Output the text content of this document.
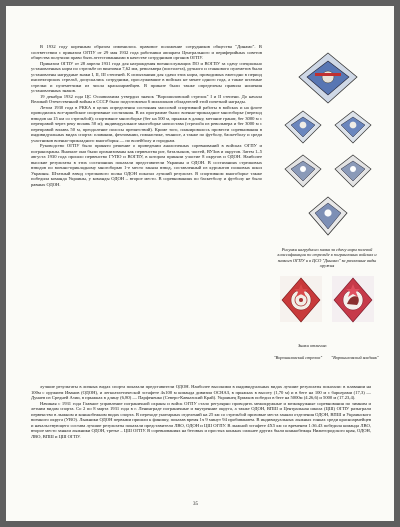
В 1932 году коренным образом изменилось правовое положение сотрудников общества "Динамо". В соответствии с приказом ОГПУ от 29 мая 1932 года работники аппарата Центрального и периферийных советов общества получили право быть аттестованными в качестве сотрудников органов ОГПУ.

Приказом ОГПУ от 28 апреля 1931 года для награждения военнослужащих ПО и ВОГПУ за сдачу специально установленных норм по стрельбе из винтовки 7,62 мм, револьвера (пистолета), ручного и станкового пулеметов были установлены нагрудные знаки I, II, III степеней. К испытаниям для сдачи этих норм, проводимых ежегодно в период инспекторских стрельб, допускались сотрудники, прослужившие в войсках не менее одного года, а также штатные стрелки и пулеметчики из числа красноармейцев. В приказе были также определены правила ношения установленных знаков.

19 декабря 1932 года ЦС Осоавиахима утвердил значок "Ворошиловский стрелок" I и II степени. До начала Великой Отечественной войны в СССР было подготовлено 6 миллионов обладателей этой почетной награды.

Летом 1930 года в РККА в целях определения состояния массовой спортивной работы в войсках и на флоте проводились все-армейские спортивные состязания. В их программе были: военно-прикладное многоборье (переход взводов на 15 км со стрельбой); спортивное многоборье (бег на 500 м, прыжки в длину, метание гранат, бег 3000 м с переправой через реку вплавь 50 м); индивидуальное многоборье начсостава (стрельба из револьвера и бег 3000 м с переправой вплавь 50 м, преодоление полосы препятствий). Кроме того, планировалось провести соревнования в индивидуальных видах спорта: плавании, фехтовании, гимнастике, теннисе, а также по футболу, баскетболу и среди участников военно-прикладного многоборья — по волейболу и городкам.

Руководство ОГПУ было принято решение о проведении аналогичных соревнований в войсках ОГПУ и погранохраны. Вначале они были организованы как первенства рот, батальонов, частей, ВУЗов и округов. Затем 1–5 августа 1930 года прошло первенство ГУПО и ВОГПУ, в котором приняли участие 8 округов и ОДОН. Наиболее высокие результаты в этих состязаниях показали представители Украины и ОДОН. В состязаниях стрелковых взводов по военно-прикладному многоборью 1-е место заняла взвод, составленный из курсантов полковых школ Украины. Штатный взвод стрелкового полка ОДОН показал лучший результат. В спортивном многоборье также победила команда Украины, у команды ОДОН – второе место. В соревнованиях по баскетболу и футболу не было равных ОДОН.

Рисунки нагрудного знака за сдачу норм полевой классификации по стрельбе в пограничных войсках и знакогп ОГПУ и в ЦСО "Динамо" за различные виды оружия

Знаки отличия:
"Ворошиловский стрелок"	"Ворошиловский всадник"

лучшие результаты в личных видах спорта показали представители ОДОН. Наиболее высокими в индивидуальных видах лучшие результаты показали: в плавании на 100м с оружием Иванов (ОДОН), и легкоатлетической эстафете 4х100 м команда дивизии ОСНАЗ, в прыжках в высоту (1,70 м) и в беге на 100 м с барьерами (17,3) — Дунаев из Средней Азии, в прыжках в длину (6,80) — Парфененко (Северо-Кавказский Край). Украинец Ермаков победил в беге на 5000м (4.26,6) и 5000 м (17.23,4).

Начиная с 1931 года Главное управление пограничной охраны и войск ОГПУ стало регулярно проводить межокружные и межокружные соревнования по зимним и летним видам спорта. Со 2 по 8 марта 1931 года в г. Ленинграде пограничные и внутренние округа, а также ОДОН, ВПШ и Центральная школа (ЦШ) ОГПУ разыграли первенство в лыжном и конькобежном видах спорта. В переходе унитарных отделений на 25 км со стрельбой призовые места заняли отделения ОДОН, ВПШ и Украинского военного округа (УВО). Лыжники ОДОН первыми пришли к финишу, показав время 1ч 9 минут 94 пробиванием. В индивидуальных лыжных гонках среди красноармейцев и начальствующего состава лучшие результаты показали представители ЛВО, ОДОН и ЦШ ОГПУ. В лыжной эстафете 4Х5 км со временем 1:36.43 победила команда ЛВО, второе место заняли лыжники ОДОН, третье – ЦШ ОГПУ. В соревнованиях на беговых и простых коньках сильнее других были конькобежцы Нижегородского края, ОДОН, ЛВО, ВПШ и ЦШ ОГПУ.

35
